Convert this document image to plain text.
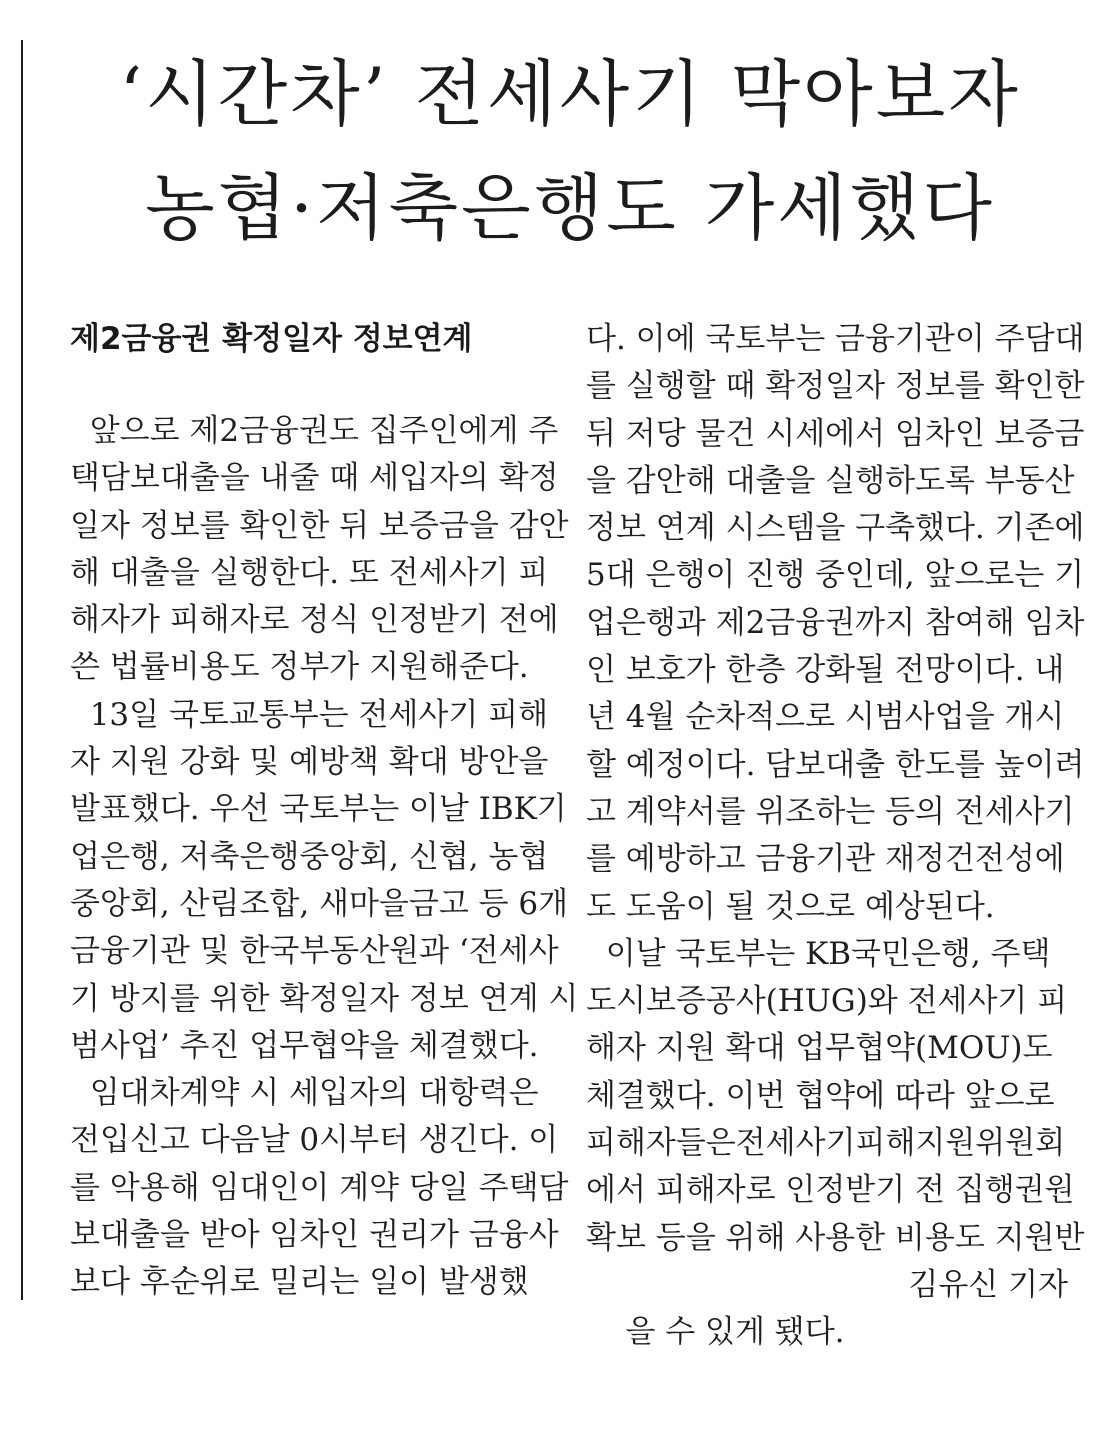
‘시간차’ 전세사기 막아보자
농협·저축은행도 가세했다
제2금융권 확정일자 정보연계
앞으로 제2금융권도 집주인에게 주
택담보대출을 내줄 때 세입자의 확정
일자 정보를 확인한 뒤 보증금을 감안
해 대출을 실행한다. 또 전세사기 피
해자가 피해자로 정식 인정받기 전에
쓴 법률비용도 정부가 지원해준다.
13일 국토교통부는 전세사기 피해
자 지원 강화 및 예방책 확대 방안을
발표했다. 우선 국토부는 이날 IBK기
업은행, 저축은행중앙회, 신협, 농협
중앙회, 산림조합, 새마을금고 등 6개
금융기관 및 한국부동산원과 ‘전세사
기 방지를 위한 확정일자 정보 연계 시
범사업’ 추진 업무협약을 체결했다.
임대차계약 시 세입자의 대항력은
전입신고 다음날 0시부터 생긴다. 이
를 악용해 임대인이 계약 당일 주택담
보대출을 받아 임차인 권리가 금융사
보다 후순위로 밀리는 일이 발생했
다. 이에 국토부는 금융기관이 주담대
를 실행할 때 확정일자 정보를 확인한
뒤 저당 물건 시세에서 임차인 보증금
을 감안해 대출을 실행하도록 부동산
정보 연계 시스템을 구축했다. 기존에
5대 은행이 진행 중인데, 앞으로는 기
업은행과 제2금융권까지 참여해 임차
인 보호가 한층 강화될 전망이다. 내
년 4월 순차적으로 시범사업을 개시
할 예정이다. 담보대출 한도를 높이려
고 계약서를 위조하는 등의 전세사기
를 예방하고 금융기관 재정건전성에
도 도움이 될 것으로 예상된다.
이날 국토부는 KB국민은행, 주택
도시보증공사(HUG)와 전세사기 피
해자 지원 확대 업무협약(MOU)도
체결했다. 이번 협약에 따라 앞으로
피해자들은전세사기피해지원위원회
에서 피해자로 인정받기 전 집행권원
확보 등을 위해 사용한 비용도 지원반

을 수 있게 됐다.

김유신 기자
